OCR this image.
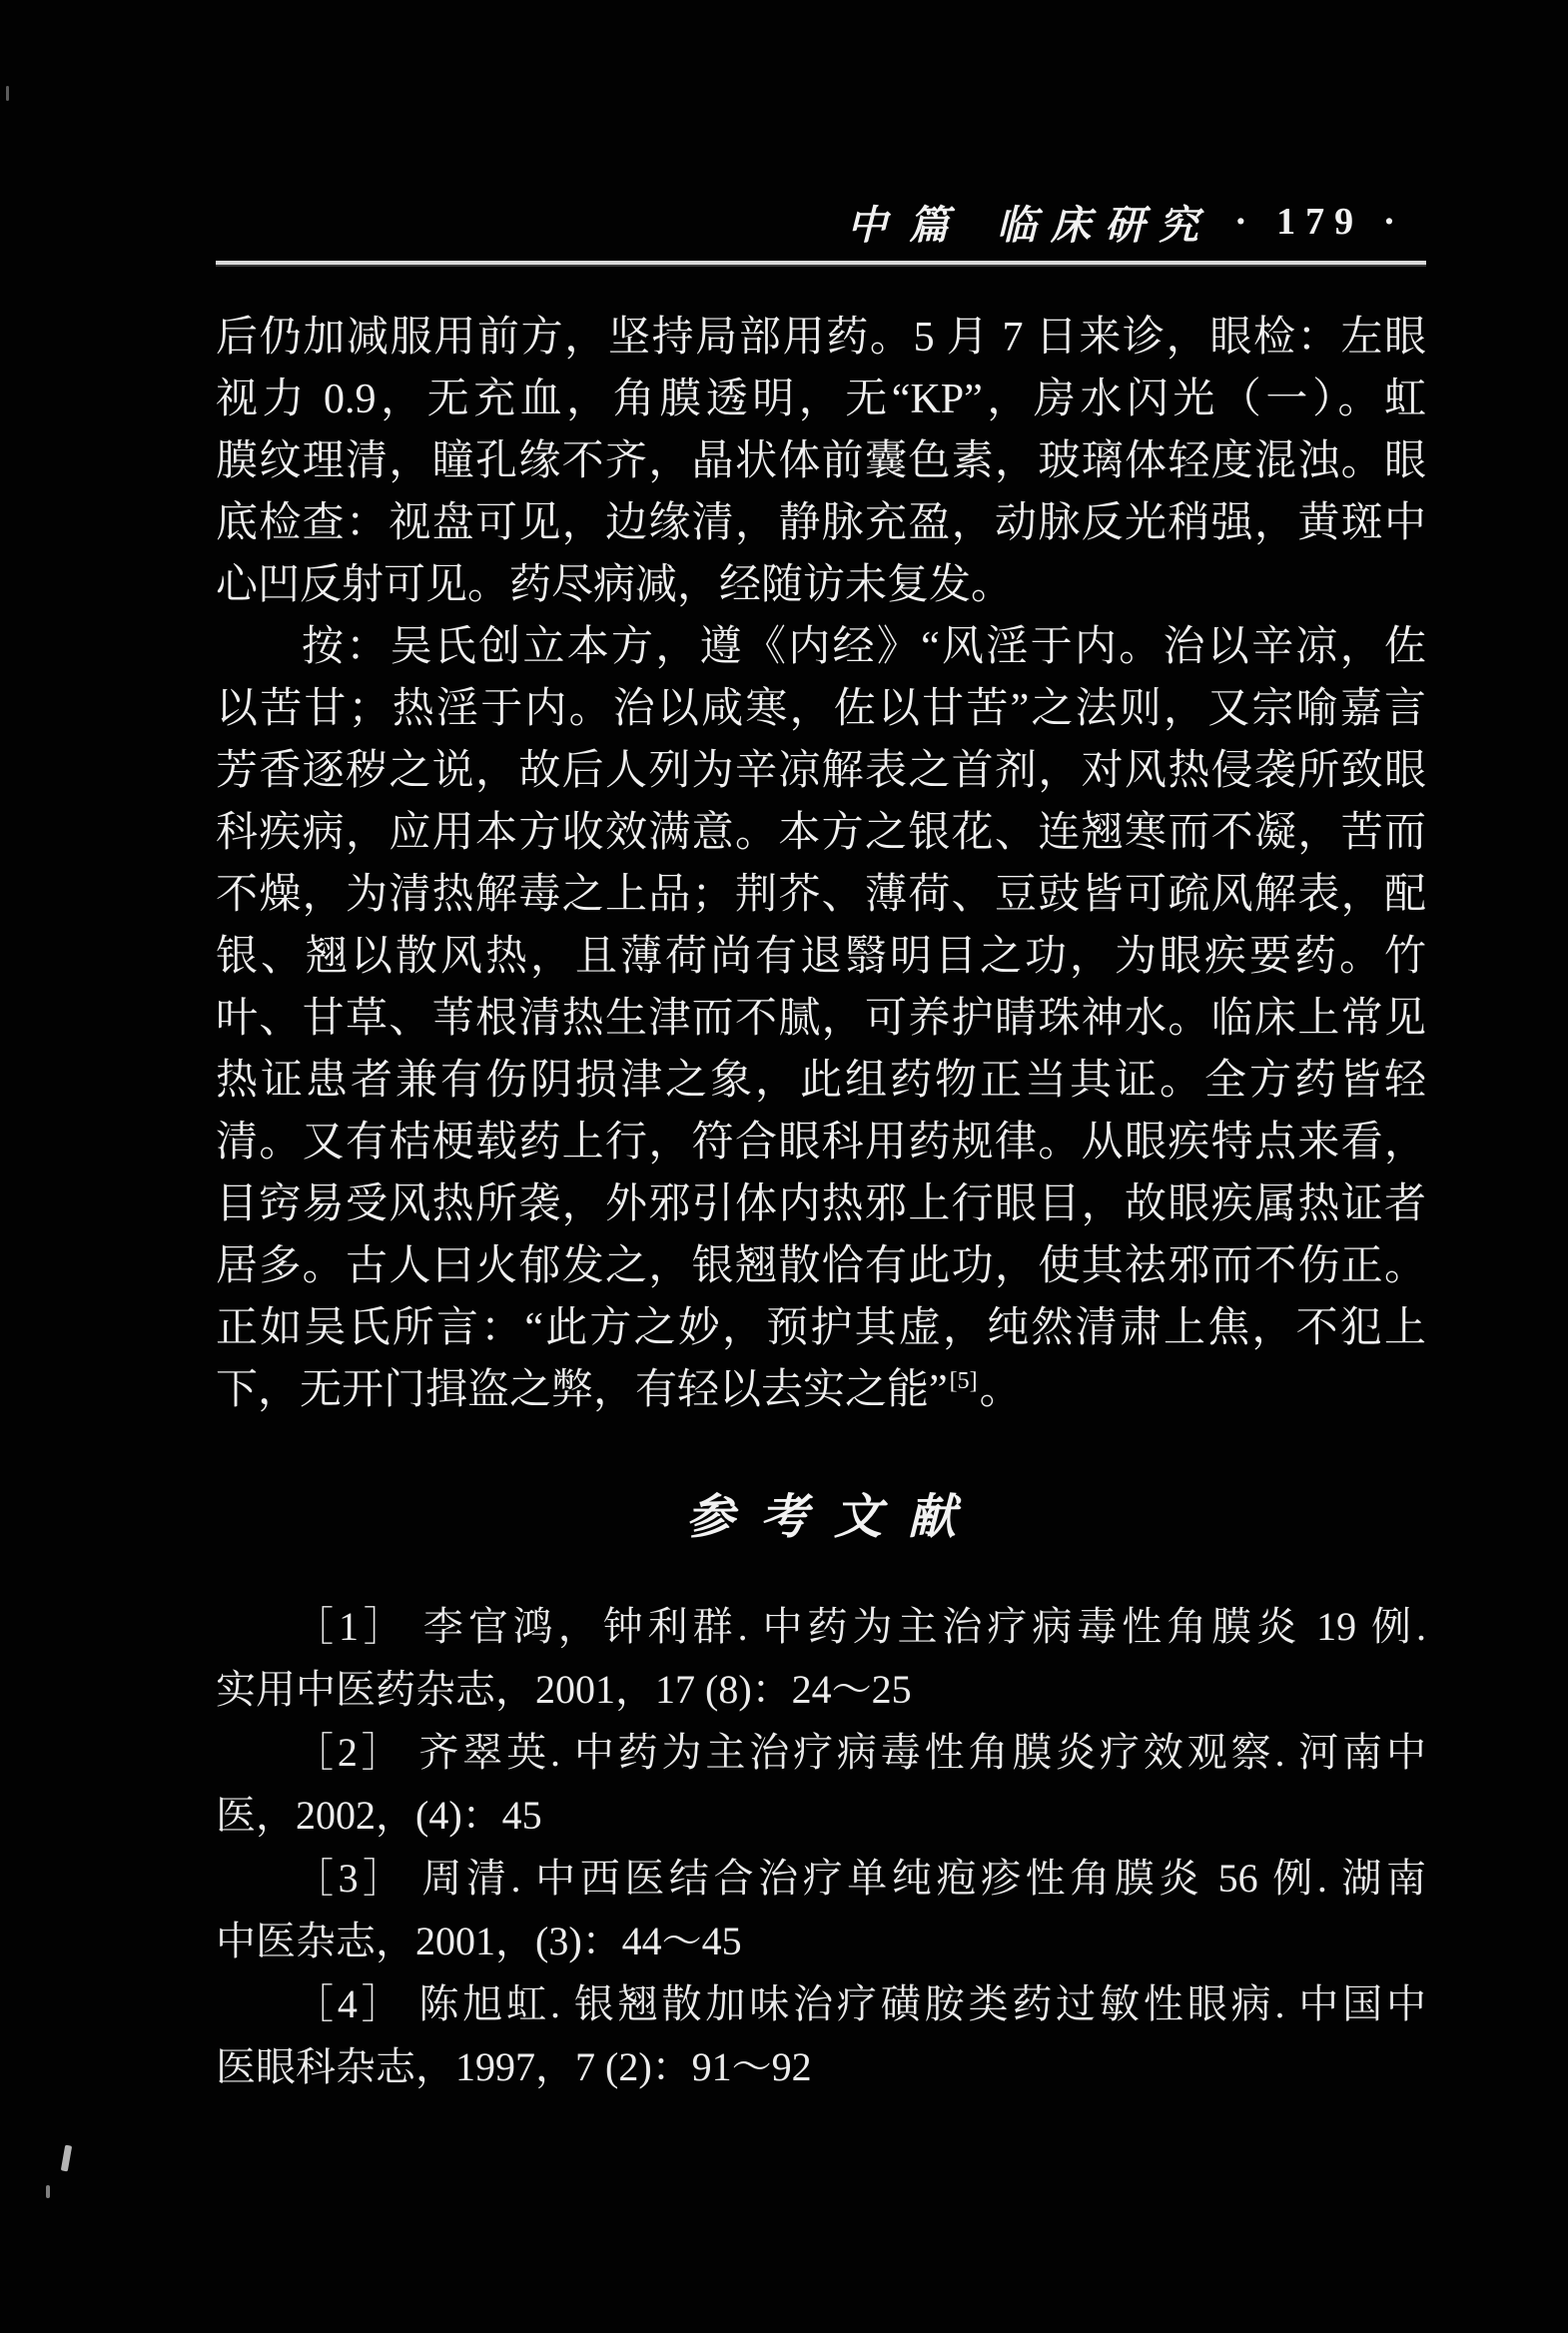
中篇 临床研究 · 179 ·
后仍加减服用前方，坚持局部用药。5 月 7 日来诊，眼检：左眼
视力 0.9，无充血，角膜透明，无“KP”，房水闪光（一）。虹
膜纹理清，瞳孔缘不齐，晶状体前囊色素，玻璃体轻度混浊。眼
底检查：视盘可见，边缘清，静脉充盈，动脉反光稍强，黄斑中
心凹反射可见。药尽病减，经随访未复发。
按：吴氏创立本方，遵《内经》“风淫于内。治以辛凉，佐
以苦甘；热淫于内。治以咸寒，佐以甘苦”之法则，又宗喻嘉言
芳香逐秽之说，故后人列为辛凉解表之首剂，对风热侵袭所致眼
科疾病，应用本方收效满意。本方之银花、连翘寒而不凝，苦而
不燥，为清热解毒之上品；荆芥、薄荷、豆豉皆可疏风解表，配
银、翘以散风热，且薄荷尚有退翳明目之功，为眼疾要药。竹
叶、甘草、苇根清热生津而不腻，可养护睛珠神水。临床上常见
热证患者兼有伤阴损津之象，此组药物正当其证。全方药皆轻
清。又有桔梗载药上行，符合眼科用药规律。从眼疾特点来看，
目窍易受风热所袭，外邪引体内热邪上行眼目，故眼疾属热证者
居多。古人曰火郁发之，银翘散恰有此功，使其祛邪而不伤正。
正如吴氏所言：“此方之妙，预护其虚，纯然清肃上焦，不犯上
下，无开门揖盗之弊，有轻以去实之能”[5]。
参考文献
［1］ 李官鸿，钟利群. 中药为主治疗病毒性角膜炎 19 例.
实用中医药杂志，2001，17 (8)：24～25
［2］ 齐翠英. 中药为主治疗病毒性角膜炎疗效观察. 河南中
医，2002，(4)：45
［3］ 周清. 中西医结合治疗单纯疱疹性角膜炎 56 例. 湖南
中医杂志，2001，(3)：44～45
［4］ 陈旭虹. 银翘散加味治疗磺胺类药过敏性眼病. 中国中
医眼科杂志，1997，7 (2)：91～92
